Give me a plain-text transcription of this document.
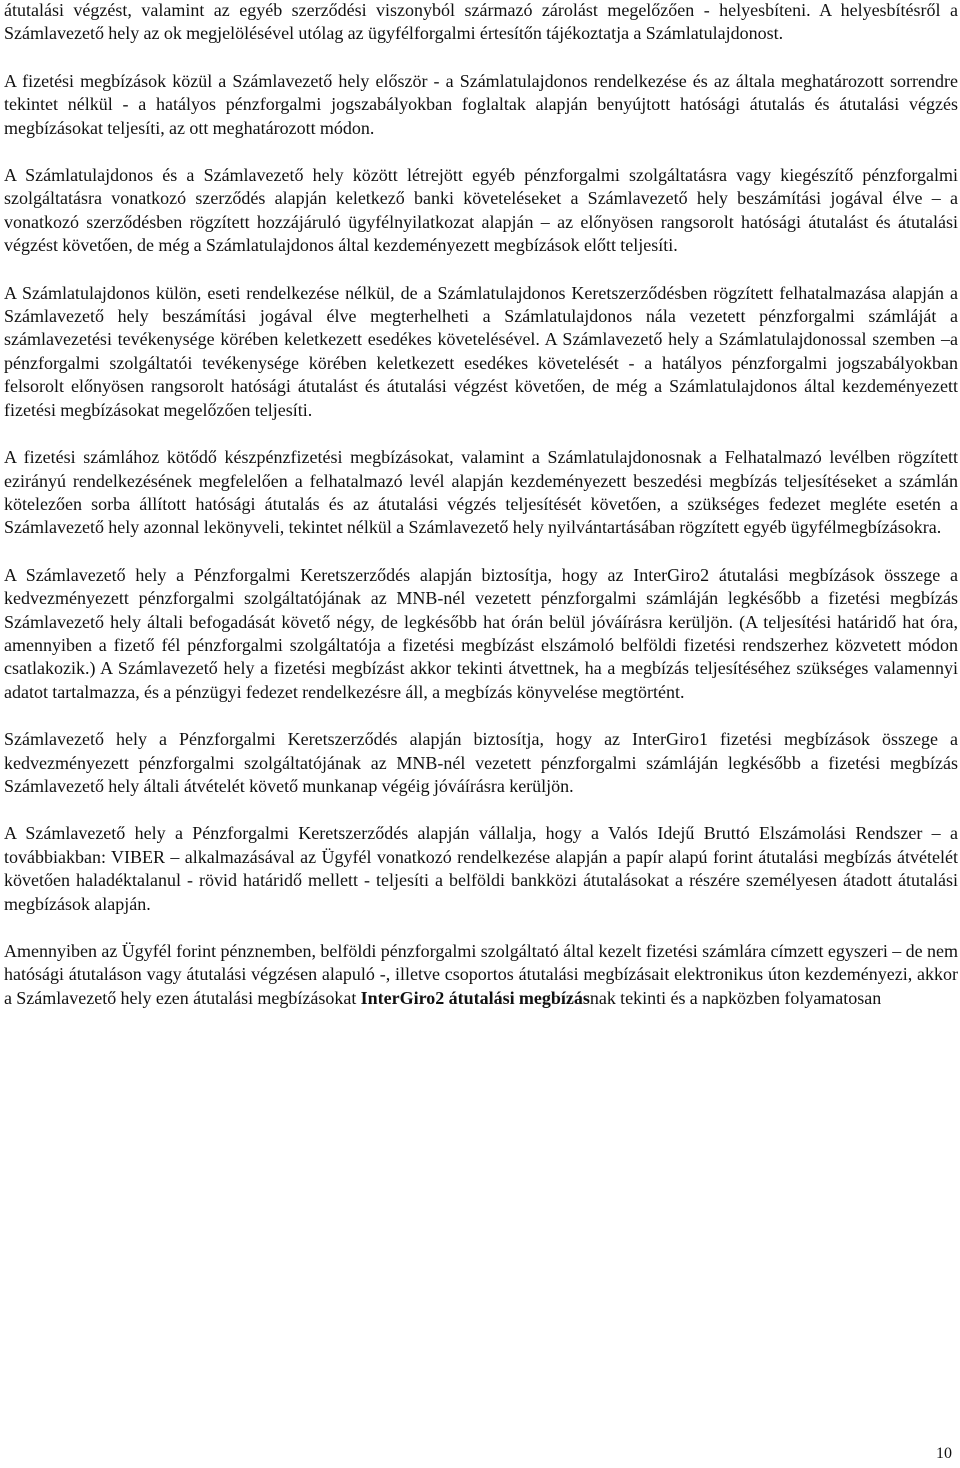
átutalási végzést, valamint az egyéb szerződési viszonyból származó zárolást megelőzően - helyesbíteni. A helyesbítésről a Számlavezető hely az ok megjelölésével utólag az ügyfélforgalmi értesítőn tájékoztatja a Számlatulajdonost.

A fizetési megbízások közül a Számlavezető hely először - a Számlatulajdonos rendelkezése és az általa meghatározott sorrendre tekintet nélkül - a hatályos pénzforgalmi jogszabályokban foglaltak alapján benyújtott hatósági átutalás és átutalási végzés megbízásokat teljesíti, az ott meghatározott módon.

A Számlatulajdonos és a Számlavezető hely között létrejött egyéb pénzforgalmi szolgáltatásra vagy kiegészítő pénzforgalmi szolgáltatásra vonatkozó szerződés alapján keletkező banki követeléseket a Számlavezető hely beszámítási jogával élve – a vonatkozó szerződésben rögzített hozzájáruló ügyfélnyilatkozat alapján – az előnyösen rangsorolt hatósági átutalást és átutalási végzést követően, de még a Számlatulajdonos által kezdeményezett megbízások előtt teljesíti.

A Számlatulajdonos külön, eseti rendelkezése nélkül, de a Számlatulajdonos Keretszerződésben rögzített felhatalmazása alapján a Számlavezető hely beszámítási jogával élve megterhelheti a Számlatulajdonos nála vezetett pénzforgalmi számláját a számlavezetési tevékenysége körében keletkezett esedékes követelésével. A Számlavezető hely a Számlatulajdonossal szemben –a pénzforgalmi szolgáltatói tevékenysége körében keletkezett esedékes követelését - a hatályos pénzforgalmi jogszabályokban felsorolt előnyösen rangsorolt hatósági átutalást és átutalási végzést követően, de még a Számlatulajdonos által kezdeményezett fizetési megbízásokat megelőzően teljesíti.

A fizetési számlához kötődő készpénzfizetési megbízásokat, valamint a Számlatulajdonosnak a Felhatalmazó levélben rögzített ezirányú rendelkezésének megfelelően a felhatalmazó levél alapján kezdeményezett beszedési megbízás teljesítéseket a számlán kötelezően sorba állított hatósági átutalás és az átutalási végzés teljesítését követően, a szükséges fedezet megléte esetén a Számlavezető hely azonnal lekönyveli, tekintet nélkül a Számlavezető hely nyilvántartásában rögzített egyéb ügyfélmegbízásokra.

A Számlavezető hely a Pénzforgalmi Keretszerződés alapján biztosítja, hogy az InterGiro2 átutalási megbízások összege a kedvezményezett pénzforgalmi szolgáltatójának az MNB-nél vezetett pénzforgalmi számláján legkésőbb a fizetési megbízás Számlavezető hely általi befogadását követő négy, de legkésőbb hat órán belül jóváírásra kerüljön. (A teljesítési határidő hat óra, amennyiben a fizető fél pénzforgalmi szolgáltatója a fizetési megbízást elszámoló belföldi fizetési rendszerhez közvetett módon csatlakozik.) A Számlavezető hely a fizetési megbízást akkor tekinti átvettnek, ha a megbízás teljesítéséhez szükséges valamennyi adatot tartalmazza, és a pénzügyi fedezet rendelkezésre áll, a megbízás könyvelése megtörtént.

Számlavezető hely a Pénzforgalmi Keretszerződés alapján biztosítja, hogy az InterGiro1 fizetési megbízások összege a kedvezményezett pénzforgalmi szolgáltatójának az MNB-nél vezetett pénzforgalmi számláján legkésőbb a fizetési megbízás Számlavezető hely általi átvételét követő munkanap végéig jóváírásra kerüljön.

A Számlavezető hely a Pénzforgalmi Keretszerződés alapján vállalja, hogy a Valós Idejű Bruttó Elszámolási Rendszer – a továbbiakban: VIBER – alkalmazásával az Ügyfél vonatkozó rendelkezése alapján a papír alapú forint átutalási megbízás átvételét követően haladéktalanul - rövid határidő mellett - teljesíti a belföldi bankközi átutalásokat a részére személyesen átadott átutalási megbízások alapján.

Amennyiben az Ügyfél forint pénznemben, belföldi pénzforgalmi szolgáltató által kezelt fizetési számlára címzett egyszeri – de nem hatósági átutaláson vagy átutalási végzésen alapuló -, illetve csoportos átutalási megbízásait elektronikus úton kezdeményezi, akkor a Számlavezető hely ezen átutalási megbízásokat InterGiro2 átutalási megbízásnak tekinti és a napközben folyamatosan

10
